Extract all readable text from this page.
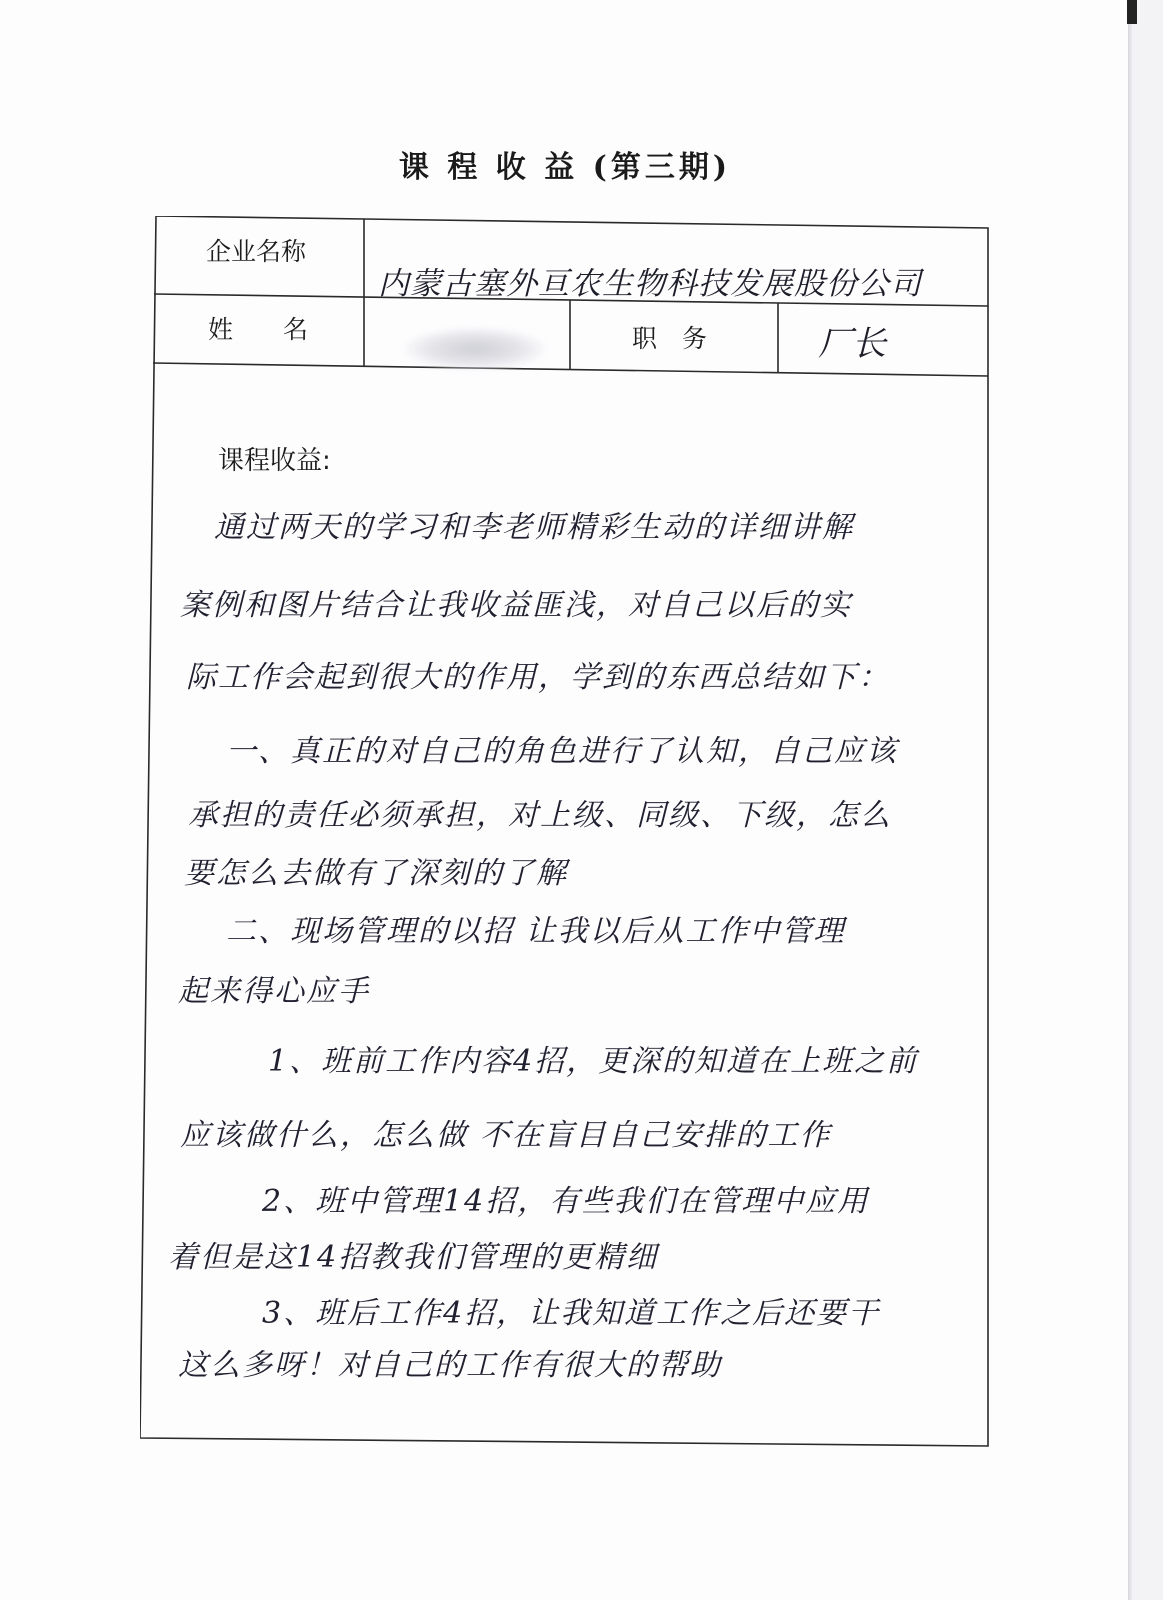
课 程 收 益 (第三期)
企业名称
内蒙古塞外亘农生物科技发展股份公司
姓　　名	职　务	厂长
课程收益:
通过两天的学习和李老师精彩生动的详细讲解
案例和图片结合让我收益匪浅，对自己以后的实
际工作会起到很大的作用，学到的东西总结如下：
一、真正的对自己的角色进行了认知，自己应该
承担的责任必须承担，对上级、同级、下级，怎么
要怎么去做有了深刻的了解
二、现场管理的以招 让我以后从工作中管理
起来得心应手
1、班前工作内容4招，更深的知道在上班之前
应该做什么，怎么做 不在盲目自己安排的工作
2、班中管理14招，有些我们在管理中应用
着但是这14招教我们管理的更精细
3、班后工作4招，让我知道工作之后还要干
这么多呀！对自己的工作有很大的帮助
